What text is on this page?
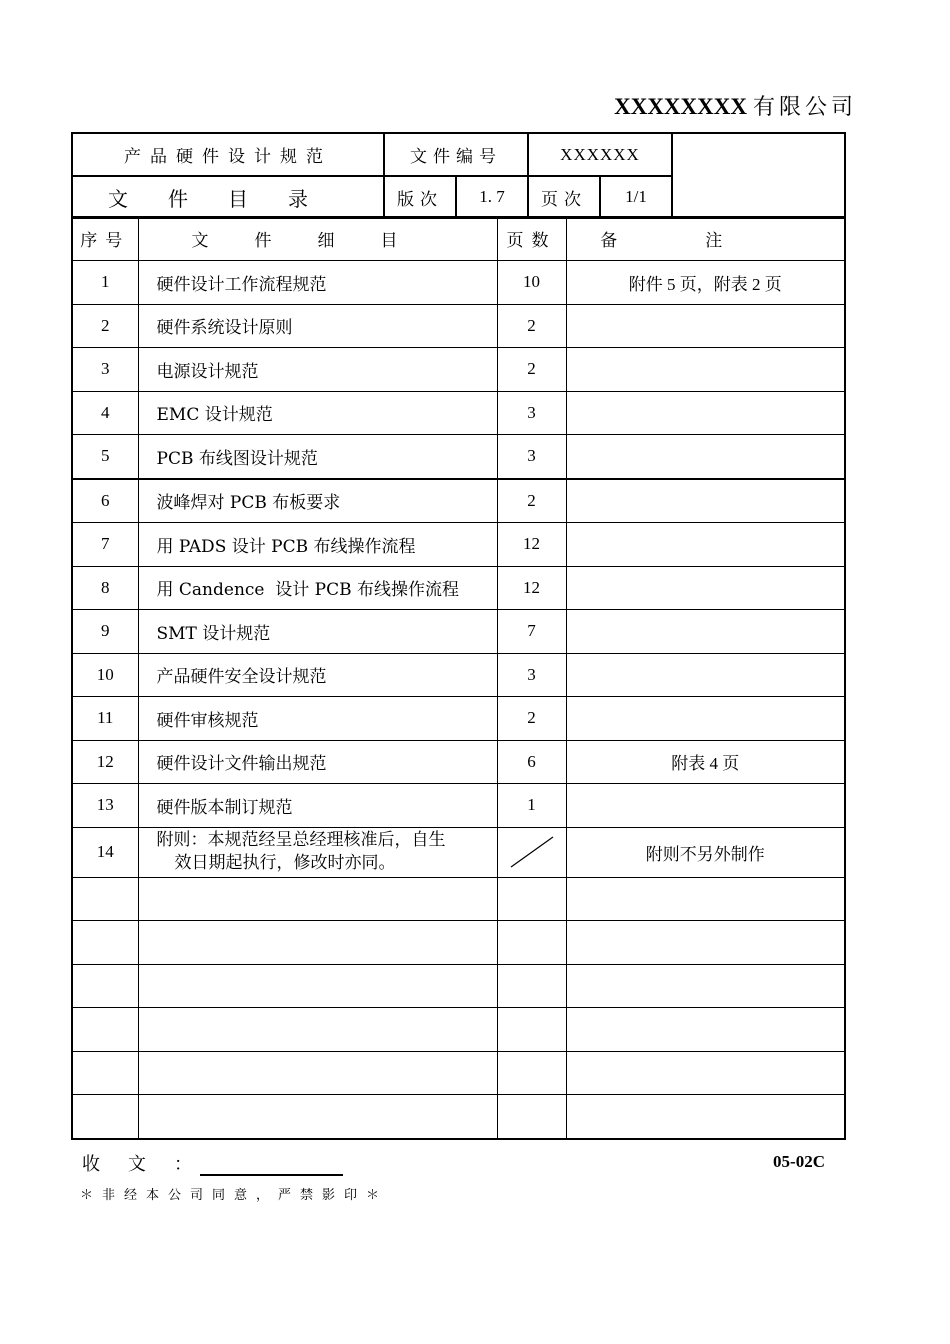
XXXXXXXX 有限公司
产品硬件设计规范	文件编号		XXXXXX		
文件目录	版次	1. 7	页次	1/1	
序号	文件细目	页数	备注
1	硬件设计工作流程规范	10	附件 5 页，附表 2 页
2	硬件系统设计原则	2	
3	电源设计规范	2	
4	EMC 设计规范	3	
5	PCB 布线图设计规范	3	
6	波峰焊对 PCB 布板要求	2	
7	用 PADS 设计 PCB 布线操作流程	12	
8	用 Candence  设计 PCB 布线操作流程	12	
9	SMT 设计规范	7	
10	产品硬件安全设计规范	3	
11	硬件审核规范	2	
12	硬件设计文件输出规范	6	附表 4 页
13	硬件版本制订规范	1	
14	附则：本规范经呈总经理核准后，自生
效日期起执行，修改时亦同。		附则不另外制作

收文：	05-02C
＊非经本公司同意，严禁影印＊
